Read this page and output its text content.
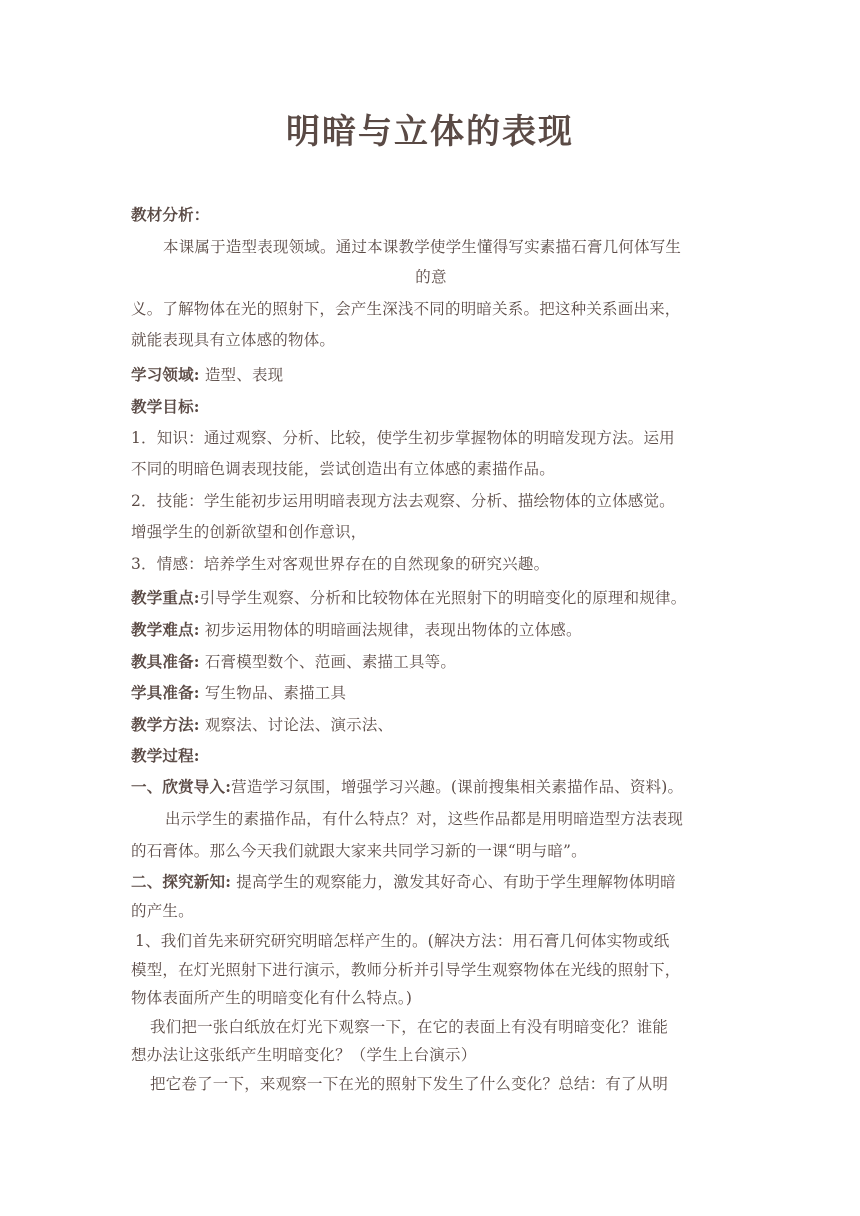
明暗与立体的表现
教材分析：
本课属于造型表现领域。通过本课教学使学生懂得写实素描石膏几何体写生
的意
义。了解物体在光的照射下，会产生深浅不同的明暗关系。把这种关系画出来，
就能表现具有立体感的物体。
学习领域: 造型、表现
教学目标:
1．知识：通过观察、分析、比较，使学生初步掌握物体的明暗发现方法。运用
不同的明暗色调表现技能，尝试创造出有立体感的素描作品。
2．技能：学生能初步运用明暗表现方法去观察、分析、描绘物体的立体感觉。
增强学生的创新欲望和创作意识，
3．情感：培养学生对客观世界存在的自然现象的研究兴趣。
教学重点:引导学生观察、分析和比较物体在光照射下的明暗变化的原理和规律。
教学难点: 初步运用物体的明暗画法规律，表现出物体的立体感。
教具准备: 石膏模型数个、范画、素描工具等。
学具准备: 写生物品、素描工具
教学方法: 观察法、讨论法、演示法、
教学过程:
一、欣赏导入:营造学习氛围，增强学习兴趣。(课前搜集相关素描作品、资料)。
出示学生的素描作品，有什么特点？对，这些作品都是用明暗造型方法表现
的石膏体。那么今天我们就跟大家来共同学习新的一课“明与暗”。
二、探究新知: 提高学生的观察能力，激发其好奇心、有助于学生理解物体明暗
的产生。
1、我们首先来研究研究明暗怎样产生的。(解决方法：用石膏几何体实物或纸
模型，在灯光照射下进行演示，教师分析并引导学生观察物体在光线的照射下，
物体表面所产生的明暗变化有什么特点。)
我们把一张白纸放在灯光下观察一下，在它的表面上有没有明暗变化？谁能
想办法让这张纸产生明暗变化？（学生上台演示）
把它卷了一下，来观察一下在光的照射下发生了什么变化？总结：有了从明
